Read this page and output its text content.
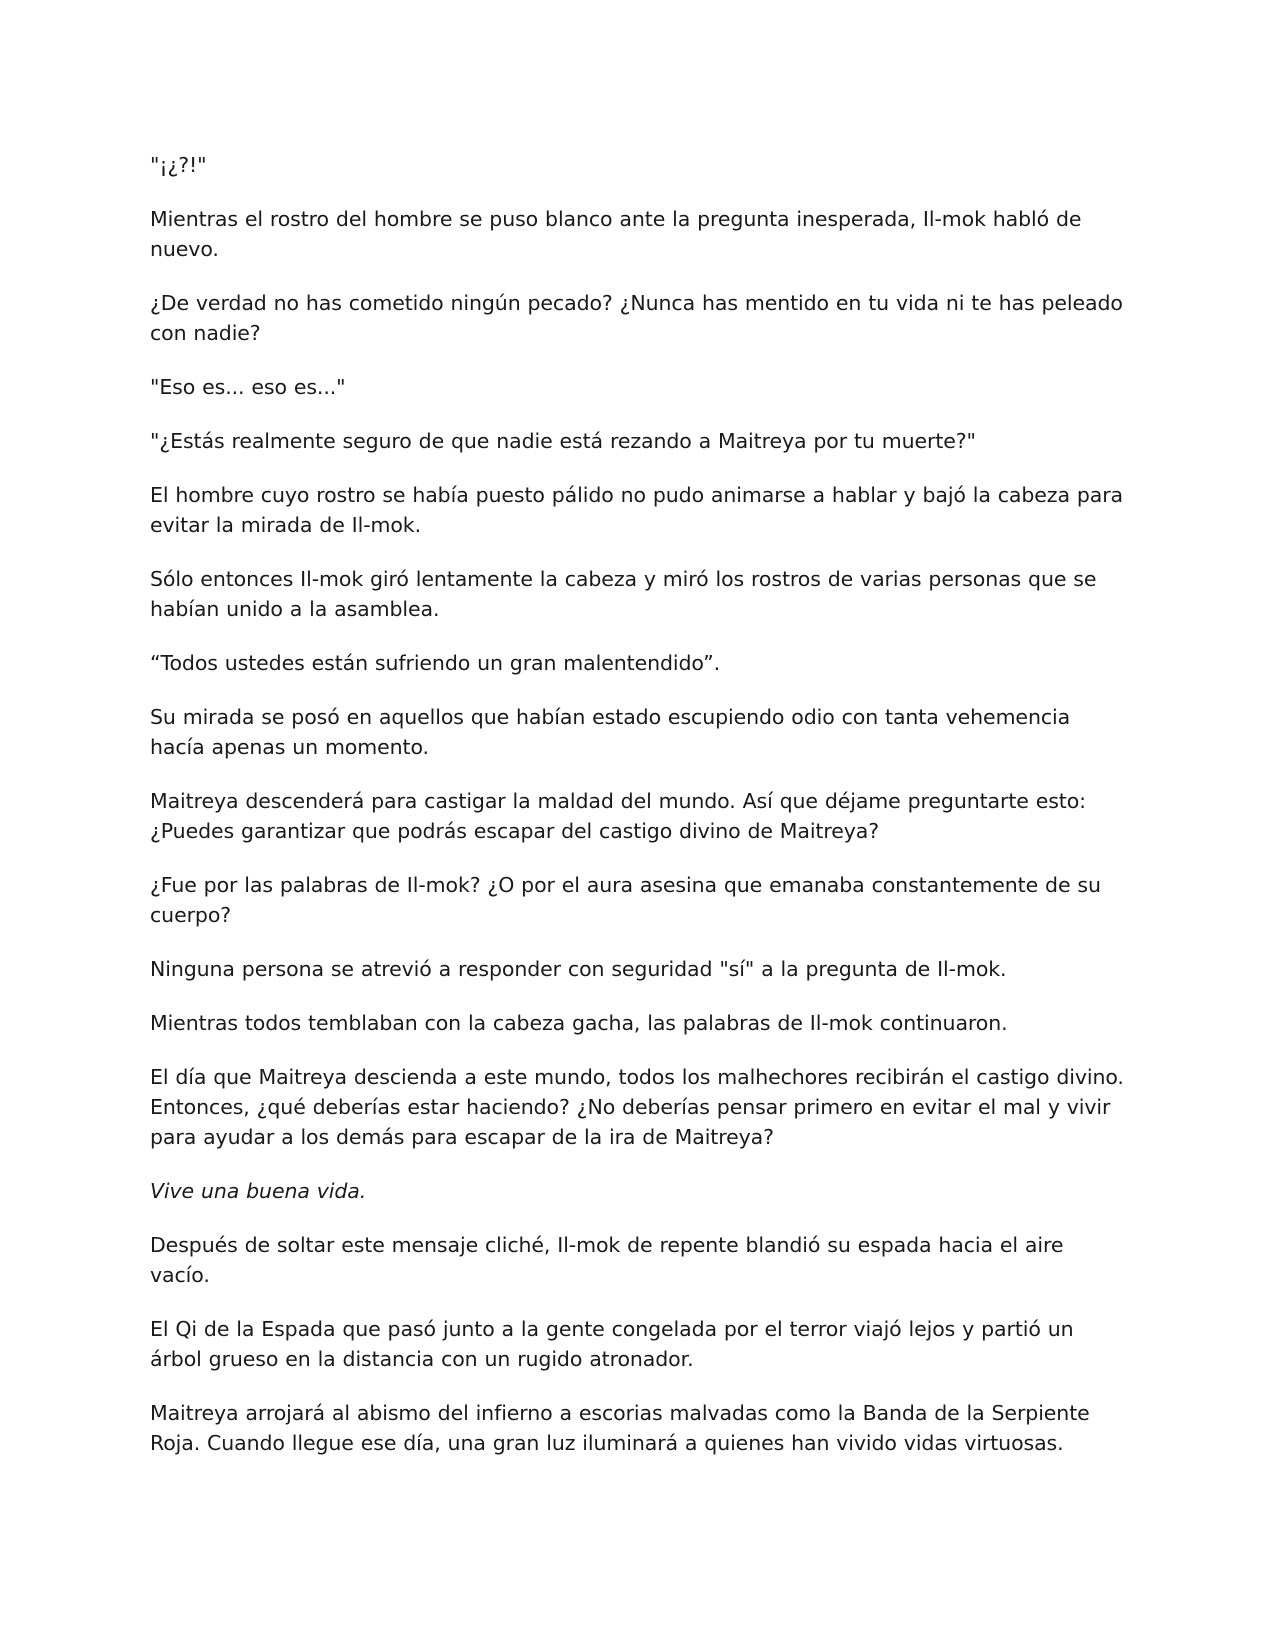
"¡¿?!"

Mientras el rostro del hombre se puso blanco ante la pregunta inesperada, Il-mok habló de nuevo.

¿De verdad no has cometido ningún pecado? ¿Nunca has mentido en tu vida ni te has peleado con nadie?

"Eso es... eso es..."

"¿Estás realmente seguro de que nadie está rezando a Maitreya por tu muerte?"

El hombre cuyo rostro se había puesto pálido no pudo animarse a hablar y bajó la cabeza para evitar la mirada de Il-mok.

Sólo entonces Il-mok giró lentamente la cabeza y miró los rostros de varias personas que se habían unido a la asamblea.

“Todos ustedes están sufriendo un gran malentendido”.

Su mirada se posó en aquellos que habían estado escupiendo odio con tanta vehemencia hacía apenas un momento.

Maitreya descenderá para castigar la maldad del mundo. Así que déjame preguntarte esto: ¿Puedes garantizar que podrás escapar del castigo divino de Maitreya?

¿Fue por las palabras de Il-mok? ¿O por el aura asesina que emanaba constantemente de su cuerpo?

Ninguna persona se atrevió a responder con seguridad "sí" a la pregunta de Il-mok.

Mientras todos temblaban con la cabeza gacha, las palabras de Il-mok continuaron.

El día que Maitreya descienda a este mundo, todos los malhechores recibirán el castigo divino. Entonces, ¿qué deberías estar haciendo? ¿No deberías pensar primero en evitar el mal y vivir para ayudar a los demás para escapar de la ira de Maitreya?

Vive una buena vida.

Después de soltar este mensaje cliché, Il-mok de repente blandió su espada hacia el aire vacío.

El Qi de la Espada que pasó junto a la gente congelada por el terror viajó lejos y partió un árbol grueso en la distancia con un rugido atronador.

Maitreya arrojará al abismo del infierno a escorias malvadas como la Banda de la Serpiente Roja. Cuando llegue ese día, una gran luz iluminará a quienes han vivido vidas virtuosas.
